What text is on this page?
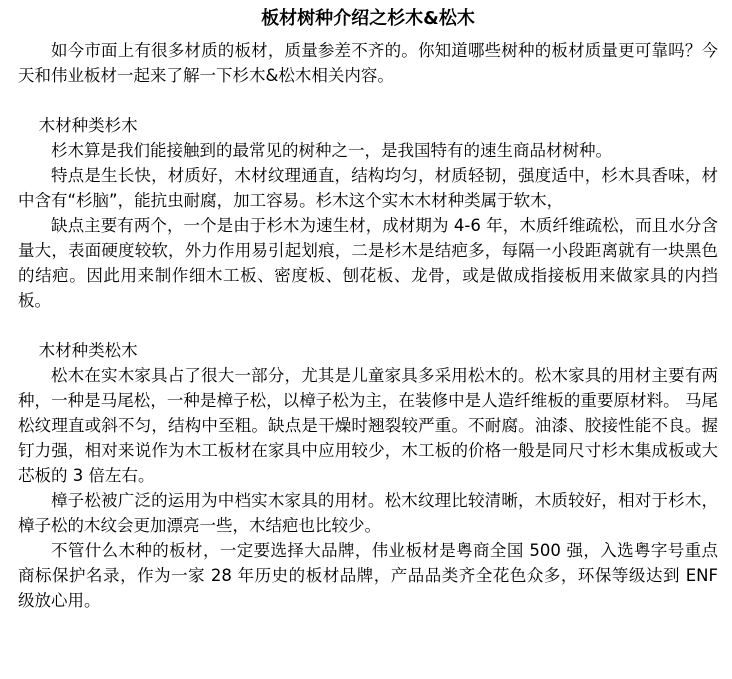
板材树种介绍之杉木&松木

如今市面上有很多材质的板材，质量参差不齐的。你知道哪些树种的板材质量更可靠吗？今天和伟业板材一起来了解一下杉木&松木相关内容。

木材种类杉木

杉木算是我们能接触到的最常见的树种之一，是我国特有的速生商品材树种。

特点是生长快，材质好，木材纹理通直，结构均匀，材质轻韧，强度适中，杉木具香味，材中含有“杉脑”，能抗虫耐腐，加工容易。杉木这个实木木材种类属于软木，

缺点主要有两个，一个是由于杉木为速生材，成材期为 4-6 年，木质纤维疏松，而且水分含量大，表面硬度较软，外力作用易引起划痕，二是杉木是结疤多，每隔一小段距离就有一块黑色的结疤。因此用来制作细木工板、密度板、刨花板、龙骨，或是做成指接板用来做家具的内挡板。

木材种类松木

松木在实木家具占了很大一部分，尤其是儿童家具多采用松木的。松木家具的用材主要有两种，一种是马尾松，一种是樟子松，以樟子松为主，在装修中是人造纤维板的重要原材料。 马尾松纹理直或斜不匀，结构中至粗。缺点是干燥时翘裂较严重。不耐腐。油漆、胶接性能不良。握钉力强，相对来说作为木工板材在家具中应用较少，木工板的价格一般是同尺寸杉木集成板或大芯板的 3 倍左右。

樟子松被广泛的运用为中档实木家具的用材。松木纹理比较清晰，木质较好，相对于杉木，樟子松的木纹会更加漂亮一些，木结疤也比较少。

不管什么木种的板材，一定要选择大品牌，伟业板材是粤商全国 500 强，入选粤字号重点商标保护名录，作为一家 28 年历史的板材品牌，产品品类齐全花色众多，环保等级达到 ENF 级放心用。
